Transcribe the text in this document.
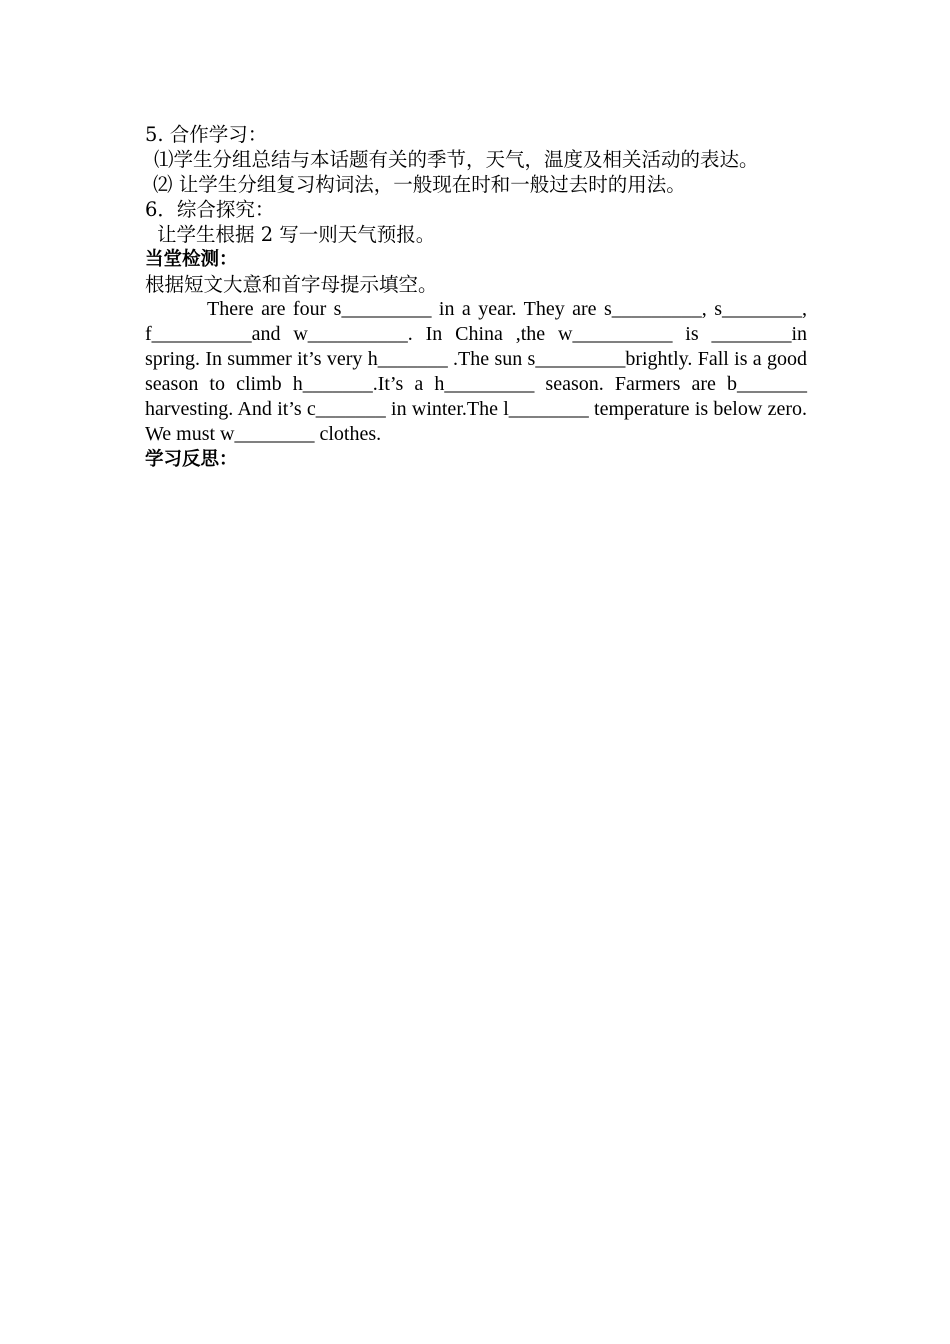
5. 合作学习：
⑴学生分组总结与本话题有关的季节，天气，温度及相关活动的表达。
⑵ 让学生分组复习构词法，一般现在时和一般过去时的用法。
6．综合探究：
让学生根据 2 写一则天气预报。
当堂检测：
根据短文大意和首字母提示填空。
There are four s_________ in a year. They are s_________, s________, f__________and w__________. In China ,the w__________ is ________in spring. In summer it’s very h_______ .The sun s_________brightly. Fall is a good season to climb h_______.It’s a h_________ season. Farmers are b_______ harvesting. And it’s c_______ in winter.The l________ temperature is below zero. We must w________ clothes.
学习反思：
